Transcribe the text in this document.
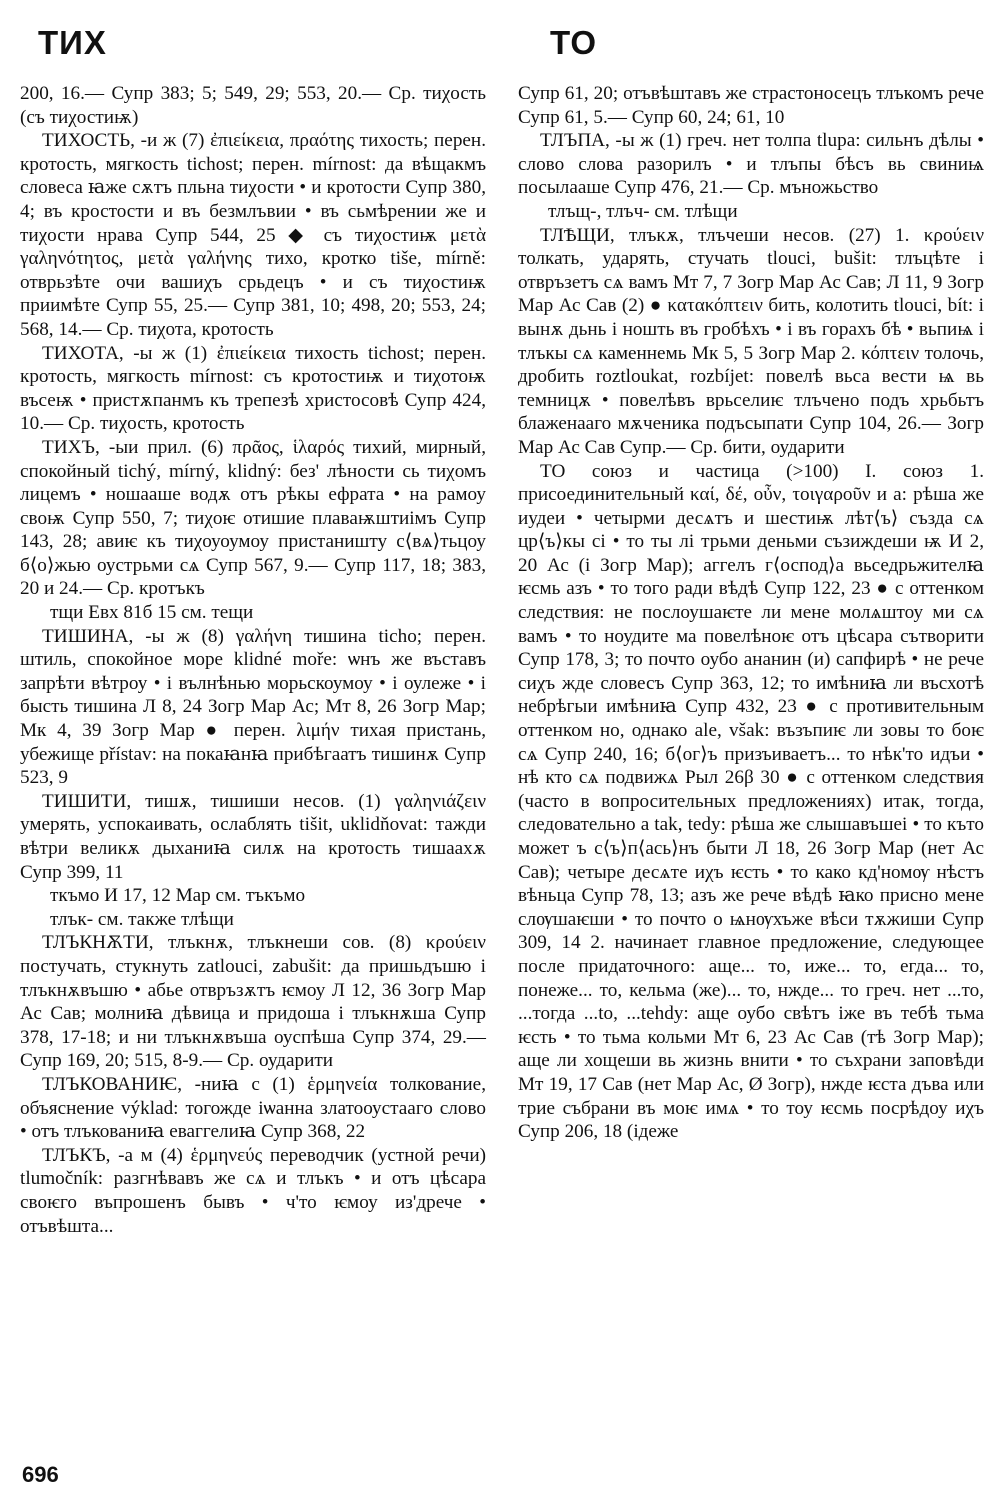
ТИХ	ТО

200, 16.— Супр 383; 5; 549, 29; 553, 20.— Ср. тиχость (съ тиχостиѭ)

ТИХОСТЬ, -и ж (7) ἐπιείκεια, πραότης тихость; перен. кротость, мягкость tichost; перен. mírnost: да вѣщакмъ словеса ꙗже сѫтъ пльна тиχости • и кротости Супр 380, 4; въ кростости и въ безмлъвии • въ сьмѣрении же и тиχости нрава Супр 544, 25 ◆ съ тиχостиѭ μετὰ γαληνότητος, μετὰ γαλήνης тихо, кротко tiše, mírně: отврьзѣте очи вашиχъ срьдецъ • и съ тиχостиѭ приимѣте Супр 55, 25.— Супр 381, 10; 498, 20; 553, 24; 568, 14.— Ср. тиχота, кротость

ТИХОТА, -ы ж (1) ἐπιείκεια тихость tichost; перен. кротость, мягкость mírnost: съ кротостиѭ и тиχотоѭ въсеѭ • пристѫпанмъ къ трепезѣ христосовѣ Супр 424, 10.— Ср. тиχость, кротость

ТИХЪ, -ыи прил. (6) πρᾶος, ἱλαρός тихий, мирный, спокойный tichý, mírný, klidný: без' лѣности сь тиχомъ лицемъ • ношааше водѫ отъ рѣкы ефрата • на рамоу своѭ Супр 550, 7; тиχоѥ отишие плаваѭштиімъ Супр 143, 28; авиѥ къ тиχоуоумоу пристаништу с⟨вѧ⟩тьцоу б⟨о⟩жью оустрьми сѧ Супр 567, 9.— Супр 117, 18; 383, 20 и 24.— Ср. кротъкъ

тщи Евх 81б 15 см. тещи

ТИШИНА, -ы ж (8) γαλήνη тишина ticho; перен. штиль, спокойное море klidné moře: ѡнъ же въставъ запрѣти вѣтроу • і вълнѣнью морьскоумоу • і оулеже • і бысть тишина Л 8, 24 Зогр Мар Ас; Мт 8, 26 Зогр Мар; Мк 4, 39 Зогр Мар ● перен. λιμήν тихая пристань, убежище přístav: на покаꙗнꙗ прибѣгаатъ тишинѫ Супр 523, 9

ТИШИТИ, тишѫ, тишиши несов. (1) γαληνιάζειν умерять, успокаивать, ослаблять tišit, uklidňovat: тажди вѣтри великѫ дыханиꙗ силѫ на кротость тишаахѫ Супр 399, 11

ткъмо И 17, 12 Мар см. тъкъмо

тлък- см. также тлѣщи

ТЛЪКНѪТИ, тлъкнѫ, тлъкнеши сов. (8) κρούειν постучать, стукнуть zatlouci, zabušit: да пришьдъшю і тлъкнѫвъшю • абье отвръзѫтъ ѥмоу Л 12, 36 Зогр Мар Ас Сав; молниꙗ дѣвица и придоша і тлъкнѫша Супр 378, 17-18; и ни тлъкнѫвъша оуспѣша Супр 374, 29.— Супр 169, 20; 515, 8-9.— Ср. оударити

ТЛЪКОВАНИѤ, -ниꙗ с (1) ἑρμηνεία толкование, объяснение výklad: тогожде іѡанна златооустааго слово • отъ тлъкованиꙗ еваггелиꙗ Супр 368, 22

ТЛЪКЪ, -а м (4) ἑρμηνεύς переводчик (устной речи) tlumočník: разгнѣвавъ же сѧ и тлъкъ • и отъ цѣсара своѥго въпрошенъ бывъ • ч'то ѥмоу из'дрече • отъвѣшта...

Супр 61, 20; отъвѣштавъ же страстоносецъ тлъкомъ рече Супр 61, 5.— Супр 60, 24; 61, 10

ТЛЪПА, -ы ж (1) греч. нет толпа tlupa: сильнъ дѣлы • слово слова разорилъ • и тлъпы бѣсъ вь свиниѩ посылааше Супр 476, 21.— Ср. мъножьство

тлъщ-, тлъч- см. тлѣщи

ТЛѢЩИ, тлъкѫ, тлъчеши несов. (27) 1. κρούειν толкать, ударять, стучать tlouci, bušit: тлъцѣте і отвръзетъ сѧ вамъ Мт 7, 7 Зогр Мар Ас Сав; Л 11, 9 Зогр Мар Ас Сав (2) ● κατακόπτειν бить, колотить tlouci, bít: і вынѫ дьнь і ношть въ гробѣхъ • і въ горахъ бѣ • вьпиѩ і тлъкы сѧ каменнемь Мк 5, 5 Зогр Мар 2. κόπτειν толочь, дробить roztloukat, rozbíjet: повелѣ вьса вести ѩ вь темницѫ • повелѣвъ врьселиѥ тлъчено подъ хрьбьтъ блаженааго мѫченика подъсыпати Супр 104, 26.— Зогр Мар Ас Сав Супр.— Ср. бити, оударити

ТО союз и частица (>100) I. союз 1. присоединительный καί, δέ, οὖν, τοιγαροῦν и а: рѣша же иудеи • четырми десѧтъ и шестиѭ лѣт⟨ъ⟩ създа сѧ цр⟨ъ⟩кы сі • то ты лі трьми деньми съзиждеши ѭ И 2, 20 Ас (і Зогр Мар); аггелъ г⟨оспод⟩а вьседрьжителꙗ ѥсмь азъ • то того ради вѣдѣ Супр 122, 23 ● с оттенком следствия: не послоушаѥте ли мене молѧштоу ми сѧ вамъ • то ноудите ма повелѣноѥ отъ цѣсара сътворити Супр 178, 3; то почто оубо ананин (и) сапфирѣ • не рече сиχъ жде словесъ Супр 363, 12; то имѣниꙗ ли въсхотѣ небрѣгыи имѣниꙗ Супр 432, 23 ● с противительным оттенком но, однако ale, však: възъпиѥ ли зовы то боѥ сѧ Супр 240, 16; б⟨ог⟩ъ призъиваетъ... то нѣк'то идъи • нѣ кто сѧ подвижѧ Рыл 26β 30 ● с оттенком следствия (часто в вопросительных предложениях) итак, тогда, следовательно a tak, tedy: рѣша же слышавъшеі • то къто может ъ с⟨ъ⟩п⟨ась⟩нъ быти Л 18, 26 Зогр Мар (нет Ас Сав); четыре десѧте иχъ ѥсть • то како кд'номѹ нѣстъ вѣньца Супр 78, 13; азъ же рече вѣдѣ ꙗко присно мене слѹшаѥши • то почто о ѩнѹхъже вѣси тѫжиши Супр 309, 14 2. начинает главное предложение, следующее после придаточного: аще... то, иже... то, егда... то, понеже... то, кельма (же)... то, нжде... то греч. нет ...то, ...тогда ...to, ...tehdy: аще оубо свѣтъ іже въ тебѣ тьма ѥсть • то тьма кольми Мт 6, 23 Ас Сав (тѣ Зогр Мар); аще ли хощеши вь жизнь внити • то съхрани заповѣди Мт 19, 17 Сав (нет Мар Ас, Ø Зогр), нжде ѥста дъва или трие събрани въ моѥ имѧ • то тоу ѥсмь посрѣдоу иχъ Супр 206, 18 (ідеже

696
